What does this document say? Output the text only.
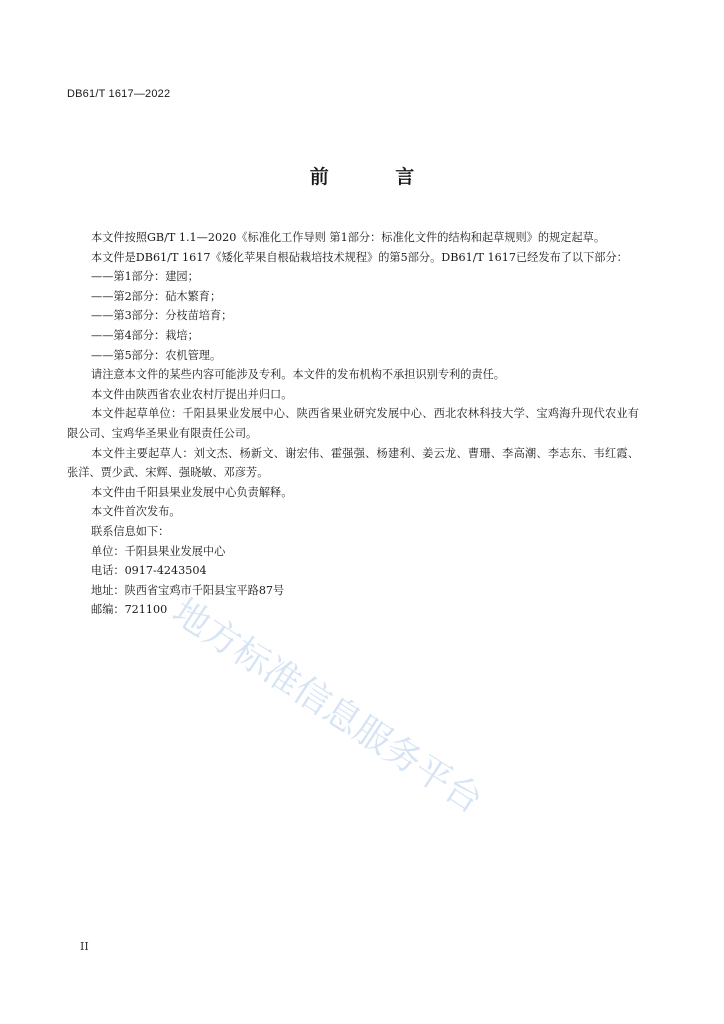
DB61/T 1617—2022
前 言

本文件按照GB/T 1.1—2020《标准化工作导则 第1部分：标准化文件的结构和起草规则》的规定起草。

本文件是DB61/T 1617《矮化苹果自根砧栽培技术规程》的第5部分。DB61/T 1617已经发布了以下部分：

——第1部分：建园；

——第2部分：砧木繁育；

——第3部分：分枝苗培育；

——第4部分：栽培；

——第5部分：农机管理。

请注意本文件的某些内容可能涉及专利。本文件的发布机构不承担识别专利的责任。

本文件由陕西省农业农村厅提出并归口。

本文件起草单位：千阳县果业发展中心、陕西省果业研究发展中心、西北农林科技大学、宝鸡海升现代农业有限公司、宝鸡华圣果业有限责任公司。

本文件主要起草人：刘文杰、杨新文、谢宏伟、霍强强、杨建利、姜云龙、曹珊、李高潮、李志东、韦红霞、张洋、贾少武、宋辉、强晓敏、邓彦芳。

本文件由千阳县果业发展中心负责解释。

本文件首次发布。

联系信息如下：

单位：千阳县果业发展中心

电话：0917-4243504

地址：陕西省宝鸡市千阳县宝平路87号

邮编：721100

地方标准信息服务平台
II
